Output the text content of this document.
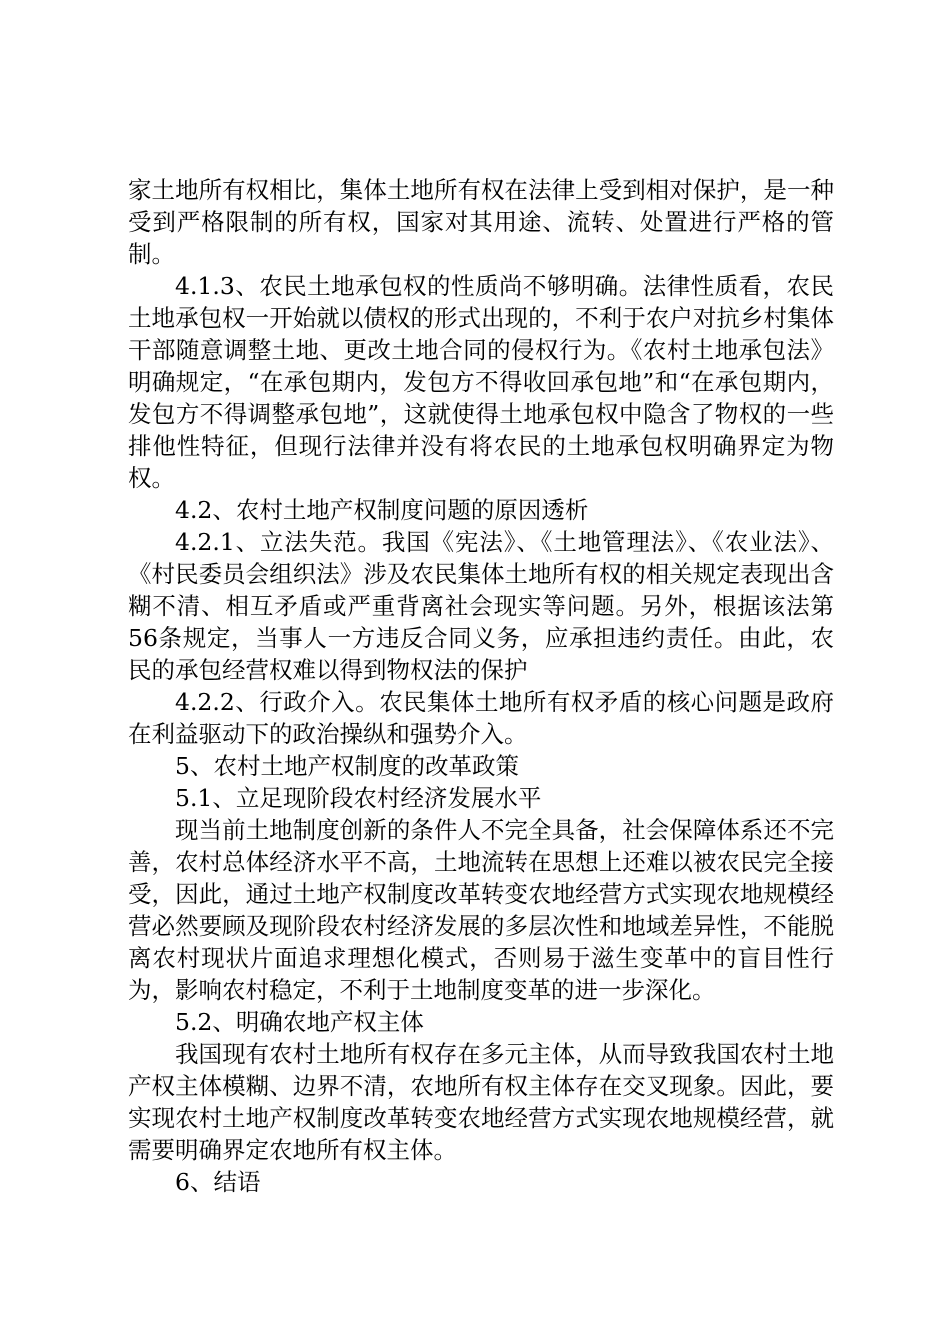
家土地所有权相比，集体土地所有权在法律上受到相对保护，是一种受到严格限制的所有权，国家对其用途、流转、处置进行严格的管制。

4.1.3、农民土地承包权的性质尚不够明确。法律性质看，农民土地承包权一开始就以债权的形式出现的，不利于农户对抗乡村集体干部随意调整土地、更改土地合同的侵权行为。《农村土地承包法》明确规定，“在承包期内，发包方不得收回承包地”和“在承包期内，发包方不得调整承包地”，这就使得土地承包权中隐含了物权的一些排他性特征，但现行法律并没有将农民的土地承包权明确界定为物权。

4.2、农村土地产权制度问题的原因透析

4.2.1、立法失范。我国《宪法》、《土地管理法》、《农业法》、《村民委员会组织法》涉及农民集体土地所有权的相关规定表现出含糊不清、相互矛盾或严重背离社会现实等问题。另外，根据该法第56条规定，当事人一方违反合同义务，应承担违约责任。由此，农民的承包经营权难以得到物权法的保护

4.2.2、行政介入。农民集体土地所有权矛盾的核心问题是政府在利益驱动下的政治操纵和强势介入。

5、农村土地产权制度的改革政策

5.1、立足现阶段农村经济发展水平

现当前土地制度创新的条件人不完全具备，社会保障体系还不完善，农村总体经济水平不高，土地流转在思想上还难以被农民完全接受，因此，通过土地产权制度改革转变农地经营方式实现农地规模经营必然要顾及现阶段农村经济发展的多层次性和地域差异性，不能脱离农村现状片面追求理想化模式，否则易于滋生变革中的盲目性行为，影响农村稳定，不利于土地制度变革的进一步深化。

5.2、明确农地产权主体

我国现有农村土地所有权存在多元主体，从而导致我国农村土地产权主体模糊、边界不清，农地所有权主体存在交叉现象。因此，要实现农村土地产权制度改革转变农地经营方式实现农地规模经营，就需要明确界定农地所有权主体。

6、结语
